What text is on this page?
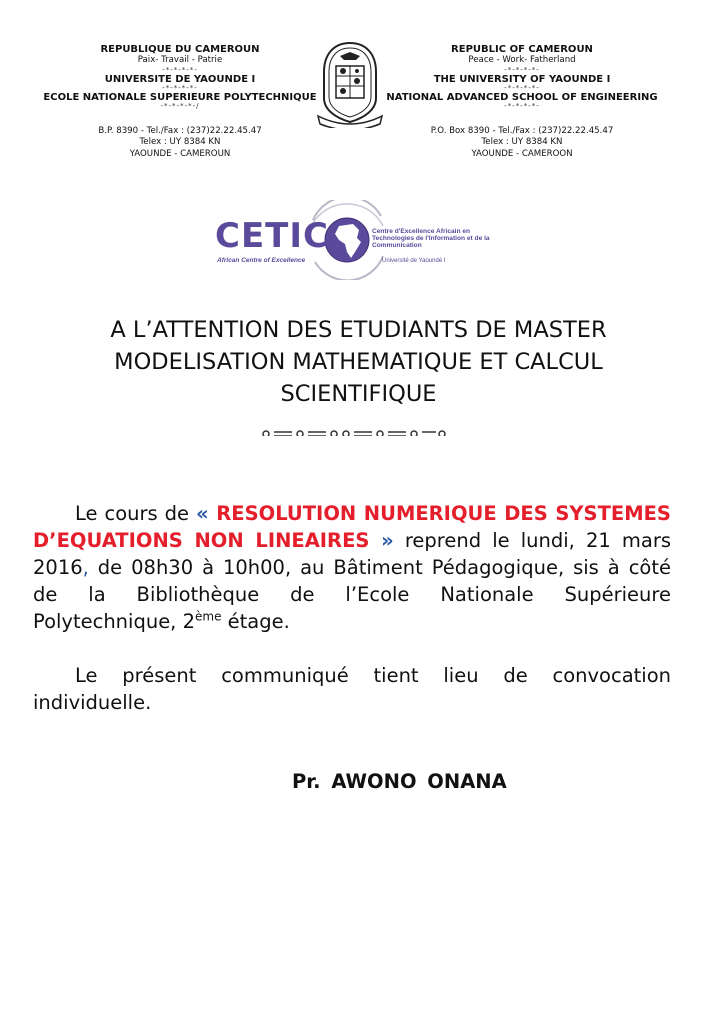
REPUBLIQUE DU CAMEROUN
Paix- Travail - Patrie
-*-*-*-*-
UNIVERSITE DE YAOUNDE I
-*-*-*-*-
ECOLE NATIONALE SUPERIEURE POLYTECHNIQUE
-*-*-*-*-/
B.P. 8390 - Tel./Fax : (237)22.22.45.47
Telex : UY 8384 KN
YAOUNDE - CAMEROUN
REPUBLIC OF CAMEROUN
Peace - Work- Fatherland
-*-*-*-*-
THE UNIVERSITY OF YAOUNDE I
-*-*-*-*-
NATIONAL ADVANCED SCHOOL OF ENGINEERING
-*-*-*-*-
P.O. Box 8390 - Tel./Fax : (237)22.22.45.47
Telex : UY 8384 KN
YAOUNDE - CAMEROON
CETIC
African Centre of Excellence
Centre d'Excellence Africain en Technologies de l'Information et de la Communication
Université de Yaoundé I
A L’ATTENTION DES ETUDIANTS DE MASTER
MODELISATION MATHEMATIQUE ET CALCUL
SCIENTIFIQUE

Le cours de « RESOLUTION NUMERIQUE DES SYSTEMES D’EQUATIONS NON LINEAIRES » reprend le lundi, 21 mars 2016, de 08h30 à 10h00, au Bâtiment Pédagogique, sis à côté de la Bibliothèque de l’Ecole Nationale Supérieure Polytechnique, 2ème étage.

Le présent communiqué tient lieu de convocation individuelle.

Pr. AWONO ONANA
